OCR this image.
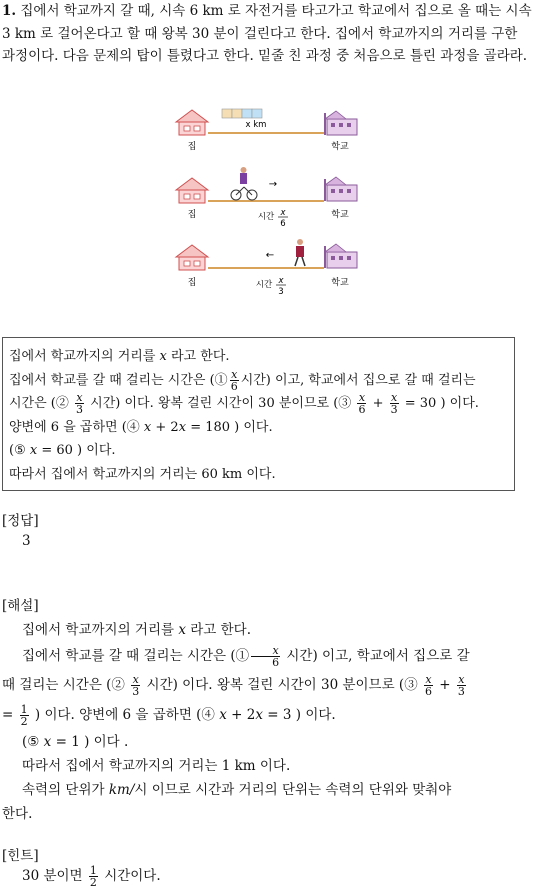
1. 집에서 학교까지 갈 때, 시속 6 km 로 자전거를 타고가고 학교에서 집으로 올 때는 시속 3 km 로 걸어온다고 할 때 왕복 30 분이 걸린다고 한다. 집에서 학교까지의 거리를 구한 과정이다. 다음 문제의 탑이 틀렸다고 한다. 밑줄 친 과정 중 처음으로 틀린 과정을 골라라.
x km
집	학교
→
집	시간 x
6
학교
←
집	시간 x
3
학교
집에서 학교까지의 거리를 x 라고 한다.
집에서 학교를 갈 때 걸리는 시간은 (① $\frac{x}{6}$ 시간) 이고, 학교에서 집으로 갈 때 걸리는
시간은 (② $\frac{x}{3}$ 시간) 이다. 왕복 걸린 시간이 30 분이므로 (③ $\frac{x}{6} + \frac{x}{3} = 30$ ) 이다.
양변에 6 을 곱하면 (④ x + 2x = 180 ) 이다.
(⑤ x = 60 ) 이다.
따라서 집에서 학교까지의 거리는 60 km 이다.
[정답]
3
[해설]
집에서 학교까지의 거리를 x 라고 한다.
집에서 학교를 갈 때 걸리는 시간은 (① $\frac{x}{6}$ 시간) 이고, 학교에서 집으로 갈
때 걸리는 시간은 (② $\frac{x}{3}$ 시간) 이다. 왕복 걸린 시간이 30 분이므로 (③ $\frac{x}{6} + \frac{x}{3}$
= $\frac{1}{2}$ ) 이다. 양변에 6 을 곱하면 (④ x + 2x = 3 ) 이다.
(⑤ x = 1 ) 이다 .
따라서 집에서 학교까지의 거리는 1 km 이다.
속력의 단위가 km/시 이므로 시간과 거리의 단위는 속력의 단위와 맞춰야
한다.
[힌트]
30 분이면 $\frac{1}{2}$ 시간이다.
